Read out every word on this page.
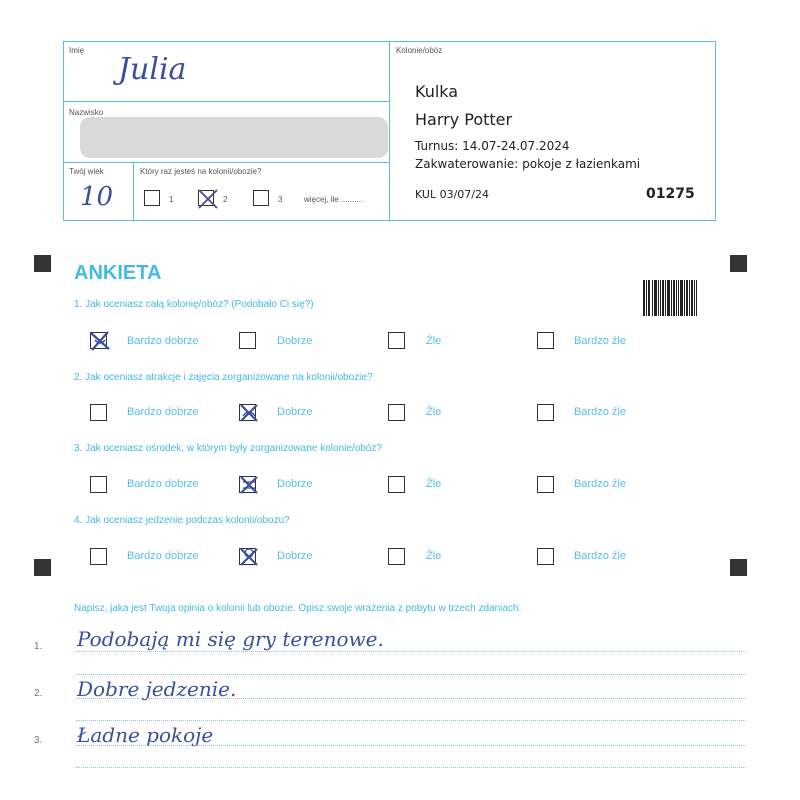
Imię
Julia
Nazwisko
Twój wiek
10
Który raz jesteś na kolonii/obozie?
1	2	3	więcej, ile ..........
Kolonie/obóz
Kulka
Harry Potter
Turnus: 14.07-24.07.2024
Zakwaterowanie: pokoje z łazienkami
KUL 03/07/24	01275
ANKIETA
1. Jak oceniasz całą kolonię/obóz? (Podobało Ci się?)
Bardzo dobrze	Dobrze	Źle	Bardzo źle
2. Jak oceniasz atrakcje i zajęcia zorganizowane na kolonii/obozie?
Bardzo dobrze	Dobrze	Źle	Bardzo źle
3. Jak oceniasz ośrodek, w którym były zorganizowane kolonie/obóz?
Bardzo dobrze	Dobrze	Źle	Bardzo źle
4. Jak oceniasz jedzenie podczas kolonii/obozu?
Bardzo dobrze	Dobrze	Źle	Bardzo źle
Napisz, jaka jest Twoja opinia o kolonii lub obozie. Opisz swoje wrażenia z pobytu w trzech zdaniach.
1. Podobają mi się gry terenowe.
2. Dobre jedzenie.
3. Ładne pokoje
